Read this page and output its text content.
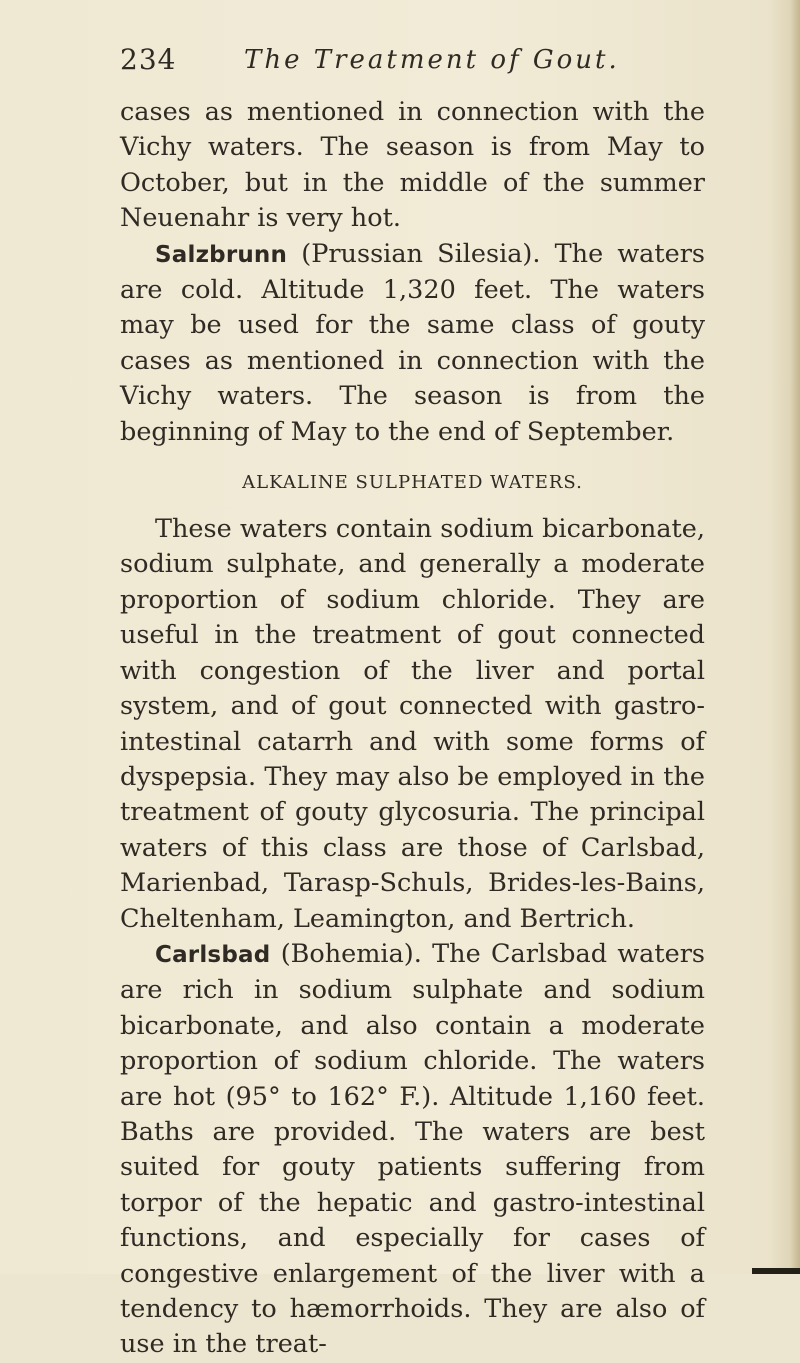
234	The Treatment of Gout.

cases as mentioned in connection with the Vichy waters. The season is from May to October, but in the middle of the summer Neuenahr is very hot.

Salzbrunn (Prussian Silesia). The waters are cold. Altitude 1,320 feet. The waters may be used for the same class of gouty cases as mentioned in connection with the Vichy waters. The season is from the beginning of May to the end of September.

ALKALINE SULPHATED WATERS.

These waters contain sodium bicarbonate, sodium sulphate, and generally a moderate proportion of sodium chloride. They are useful in the treatment of gout connected with congestion of the liver and portal system, and of gout connected with gastro-intestinal catarrh and with some forms of dyspepsia. They may also be employed in the treatment of gouty glycosuria. The principal waters of this class are those of Carlsbad, Marienbad, Tarasp-Schuls, Brides-les-Bains, Cheltenham, Leamington, and Bertrich.

Carlsbad (Bohemia). The Carlsbad waters are rich in sodium sulphate and sodium bicarbonate, and also contain a moderate proportion of sodium chloride. The waters are hot (95° to 162° F.). Altitude 1,160 feet. Baths are provided. The waters are best suited for gouty patients suffering from torpor of the hepatic and gastro-intestinal functions, and especially for cases of congestive enlargement of the liver with a tendency to hæmorrhoids. They are also of use in the treat-
